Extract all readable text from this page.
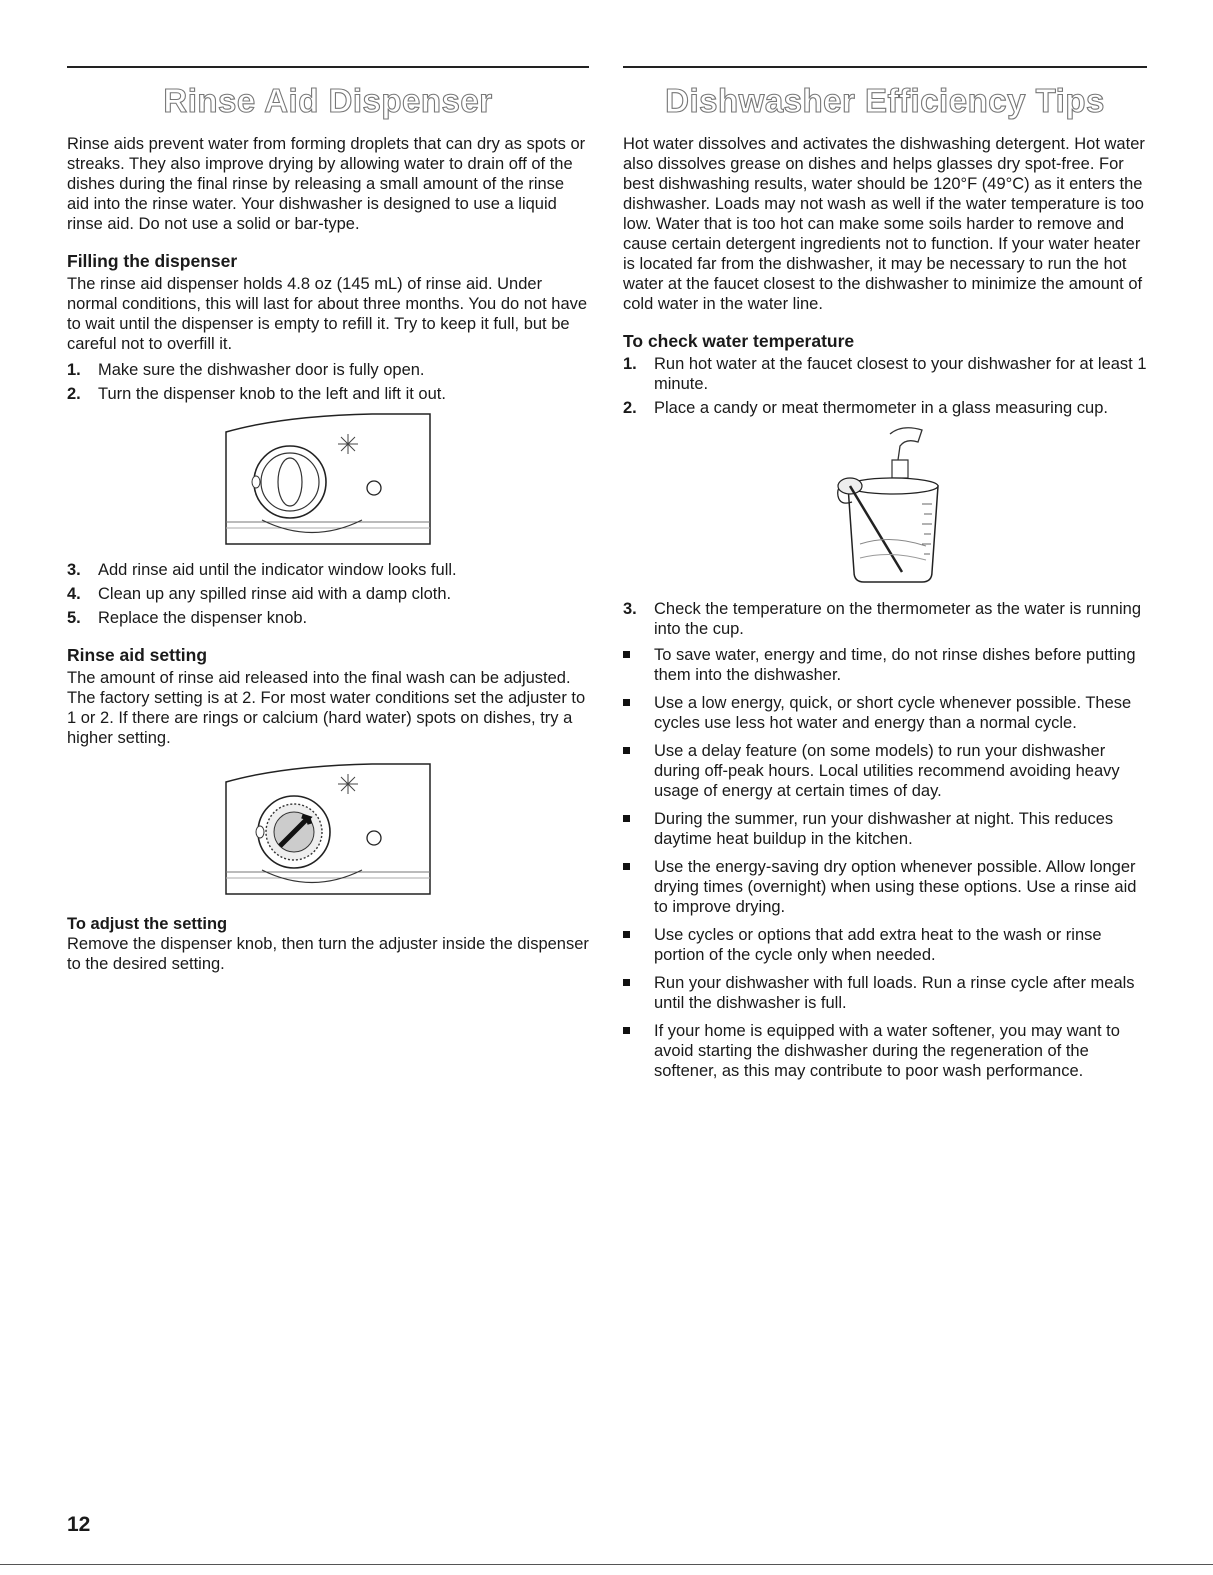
Rinse Aid Dispenser

Rinse aids prevent water from forming droplets that can dry as spots or streaks. They also improve drying by allowing water to drain off of the dishes during the final rinse by releasing a small amount of the rinse aid into the rinse water. Your dishwasher is designed to use a liquid rinse aid. Do not use a solid or bar-type.

Filling the dispenser

The rinse aid dispenser holds 4.8 oz (145 mL) of rinse aid. Under normal conditions, this will last for about three months. You do not have to wait until the dispenser is empty to refill it. Try to keep it full, but be careful not to overfill it.

1. Make sure the dishwasher door is fully open.
2. Turn the dispenser knob to the left and lift it out.
3. Add rinse aid until the indicator window looks full.
4. Clean up any spilled rinse aid with a damp cloth.
5. Replace the dispenser knob.
Rinse aid setting

The amount of rinse aid released into the final wash can be adjusted. The factory setting is at 2. For most water conditions set the adjuster to 1 or 2. If there are rings or calcium (hard water) spots on dishes, try a higher setting.

To adjust the setting

Remove the dispenser knob, then turn the adjuster inside the dispenser to the desired setting.

Dishwasher Efficiency Tips

Hot water dissolves and activates the dishwashing detergent. Hot water also dissolves grease on dishes and helps glasses dry spot-free. For best dishwashing results, water should be 120°F (49°C) as it enters the dishwasher. Loads may not wash as well if the water temperature is too low. Water that is too hot can make some soils harder to remove and cause certain detergent ingredients not to function. If your water heater is located far from the dishwasher, it may be necessary to run the hot water at the faucet closest to the dishwasher to minimize the amount of cold water in the water line.

To check water temperature
1. Run hot water at the faucet closest to your dishwasher for at least 1 minute.
2. Place a candy or meat thermometer in a glass measuring cup.
3. Check the temperature on the thermometer as the water is running into the cup.
To save water, energy and time, do not rinse dishes before putting them into the dishwasher.
Use a low energy, quick, or short cycle whenever possible. These cycles use less hot water and energy than a normal cycle.
Use a delay feature (on some models) to run your dishwasher during off-peak hours. Local utilities recommend avoiding heavy usage of energy at certain times of day.
During the summer, run your dishwasher at night. This reduces daytime heat buildup in the kitchen.
Use the energy-saving dry option whenever possible. Allow longer drying times (overnight) when using these options. Use a rinse aid to improve drying.
Use cycles or options that add extra heat to the wash or rinse portion of the cycle only when needed.
Run your dishwasher with full loads. Run a rinse cycle after meals until the dishwasher is full.
If your home is equipped with a water softener, you may want to avoid starting the dishwasher during the regeneration of the softener, as this may contribute to poor wash performance.
12
